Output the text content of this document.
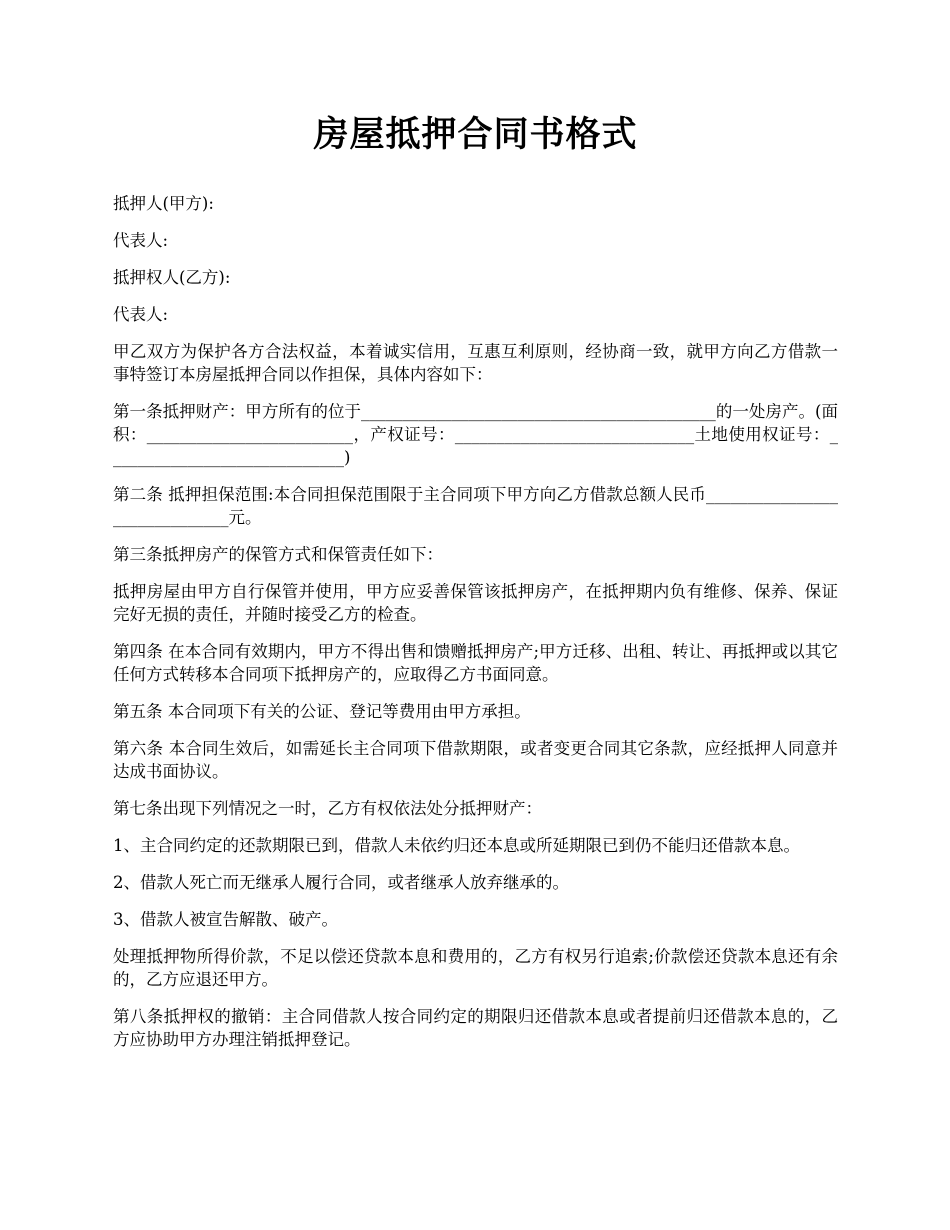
房屋抵押合同书格式

抵押人(甲方):

代表人:

抵押权人(乙方):

代表人:

甲乙双方为保护各方合法权益，本着诚实信用，互惠互利原则，经协商一致，就甲方向乙方借款一事特签订本房屋抵押合同以作担保，具体内容如下：

第一条抵押财产：甲方所有的位于___________________________________________的一处房产。(面积：_________________________，产权证号：_____________________________土地使用权证号：_____________________________)

第二条 抵押担保范围:本合同担保范围限于主合同项下甲方向乙方借款总额人民币______________________________元。

第三条抵押房产的保管方式和保管责任如下：

抵押房屋由甲方自行保管并使用，甲方应妥善保管该抵押房产，在抵押期内负有维修、保养、保证完好无损的责任，并随时接受乙方的检查。

第四条 在本合同有效期内，甲方不得出售和馈赠抵押房产;甲方迁移、出租、转让、再抵押或以其它任何方式转移本合同项下抵押房产的，应取得乙方书面同意。

第五条 本合同项下有关的公证、登记等费用由甲方承担。

第六条 本合同生效后，如需延长主合同项下借款期限，或者变更合同其它条款，应经抵押人同意并达成书面协议。

第七条出现下列情况之一时，乙方有权依法处分抵押财产：

1、主合同约定的还款期限已到，借款人未依约归还本息或所延期限已到仍不能归还借款本息。

2、借款人死亡而无继承人履行合同，或者继承人放弃继承的。

3、借款人被宣告解散、破产。

处理抵押物所得价款，不足以偿还贷款本息和费用的，乙方有权另行追索;价款偿还贷款本息还有余的，乙方应退还甲方。

第八条抵押权的撤销：主合同借款人按合同约定的期限归还借款本息或者提前归还借款本息的，乙方应协助甲方办理注销抵押登记。
